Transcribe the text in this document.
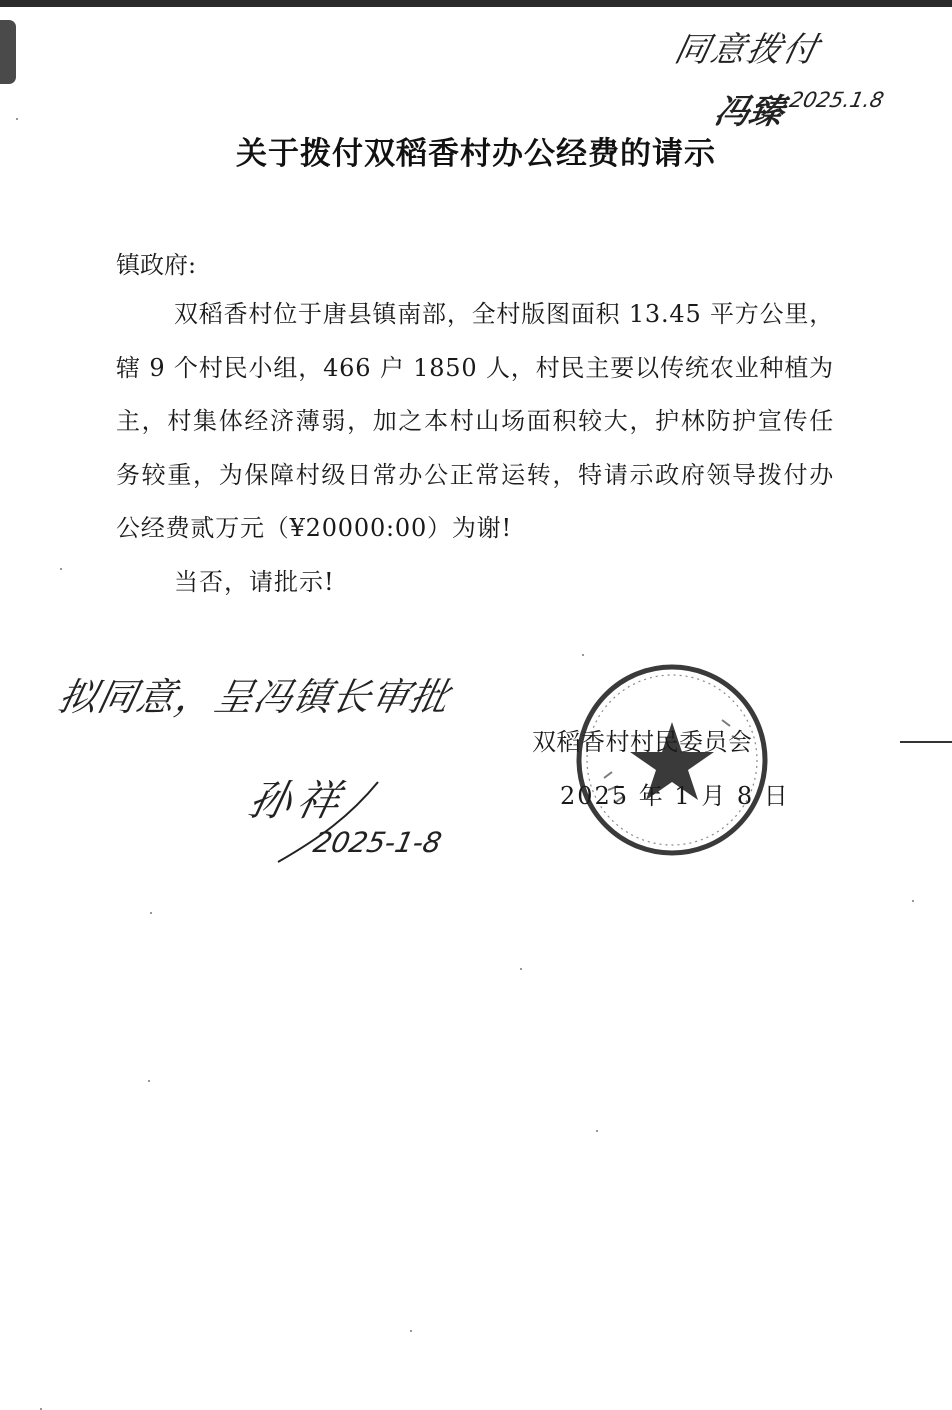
同意拨付
冯臻 2025.1.8
关于拨付双稻香村办公经费的请示
镇政府:
双稻香村位于唐县镇南部，全村版图面积 13.45 平方公里，辖 9 个村民小组，466 户 1850 人，村民主要以传统农业种植为主，村集体经济薄弱，加之本村山场面积较大，护林防护宣传任务较重，为保障村级日常办公正常运转，特请示政府领导拨付办公经费贰万元（¥20000:00）为谢!
当否，请批示!
拟同意，呈冯镇长审批
孙祥
2025-1-8
双稻香村村民委员会
2025 年 1 月 8 日
